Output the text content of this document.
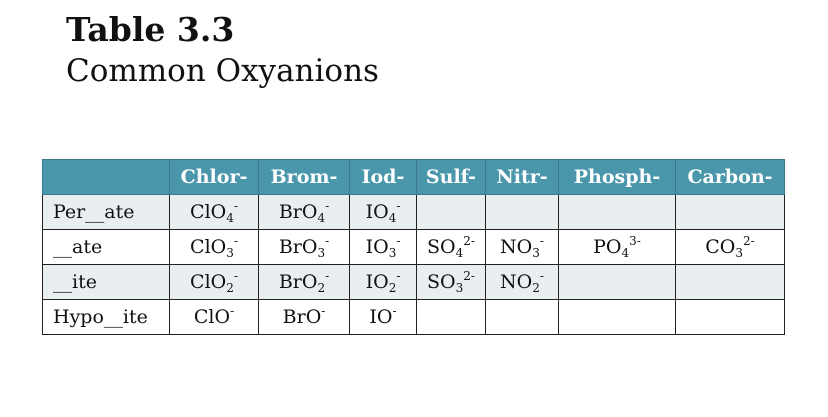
Table 3.3
Common Oxyanions
	Chlor-	Brom-	Iod-	Sulf-	Nitr-	Phosph-	Carbon-
Per__ate	ClO$_4$-	BrO$_4$-	$IO_4^-$				
__ate	ClO$_3$-	BrO$_3$-	$IO_3^-$	$SO_4^{2-}$	$NO_3^-$	$PO_4^{3-}$	$CO_3^{2-}$
__ite	ClO$_2$-	BrO$_2$-	$IO_2^-$	$SO_3^{2-}$	$NO_2^-$		
Hypo__ite	ClO-	BrO-	IO-				
